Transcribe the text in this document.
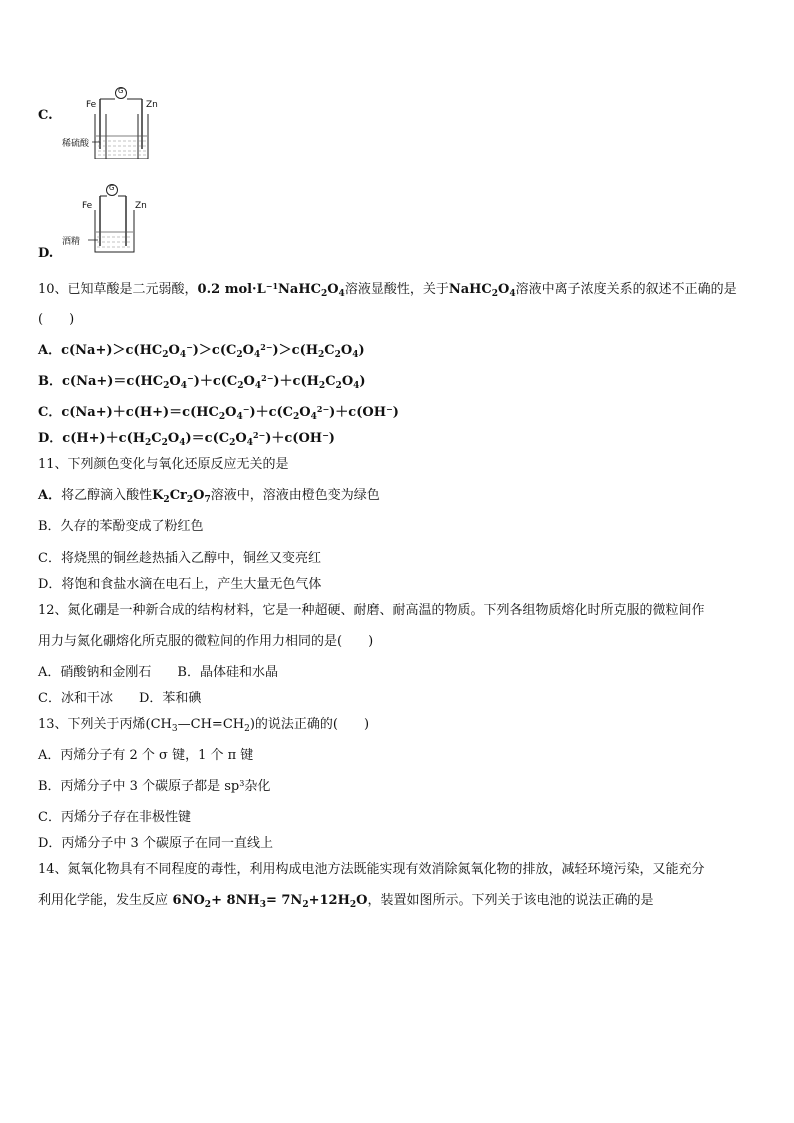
C.
G
Fe	Zn
稀硫酸
D.
G
Fe	Zn
酒精
10、已知草酸是二元弱酸，0.2 $mol\cdot L^{-1}NaHC_2O_4$溶液显酸性，关于$NaHC_2O_4$溶液中离子浓度关系的叙述不正确的是
(　　)
A．$c(Na+)>c(HC_2O_4^-)>c(C_2O_4^{2-})>c(H_2C_2O_4)$
B．$c(Na+)=c(HC_2O_4^-)+c(C_2O_4^{2-})+c(H_2C_2O_4)$
C．$c(Na+)+c(H+)=c(HC_2O_4^-)+c(C_2O_4^{2-})+c(OH^-)$
D．$c(H+)+c(H_2C_2O_4)=c(C_2O_4^{2-})+c(OH^-)$
11、下列颜色变化与氧化还原反应无关的是
A．将乙醇滴入酸性$K_2Cr_2O_7$溶液中，溶液由橙色变为绿色
B．久存的苯酚变成了粉红色
C．将烧黑的铜丝趁热插入乙醇中，铜丝又变亮红
D．将饱和食盐水滴在电石上，产生大量无色气体
12、氮化硼是一种新合成的结构材料，它是一种超硬、耐磨、耐高温的物质。下列各组物质熔化时所克服的微粒间作
用力与氮化硼熔化所克服的微粒间的作用力相同的是(　　)
A．硝酸钠和金刚石 B．晶体硅和水晶
C．冰和干冰 D．苯和碘
13、下列关于丙烯$(CH_3—CH=CH_2)$的说法正确的(　　)
A．丙烯分子有 2 个 σ 键，1 个 π 键
B．丙烯分子中 3 个碳原子都是 $sp^3$杂化
C．丙烯分子存在非极性键
D．丙烯分子中 3 个碳原子在同一直线上
14、氮氧化物具有不同程度的毒性，利用构成电池方法既能实现有效消除氮氧化物的排放，减轻环境污染，又能充分
利用化学能，发生反应 $6NO_2+ 8NH_3= 7N_2+12H_2O$，装置如图所示。下列关于该电池的说法正确的是
